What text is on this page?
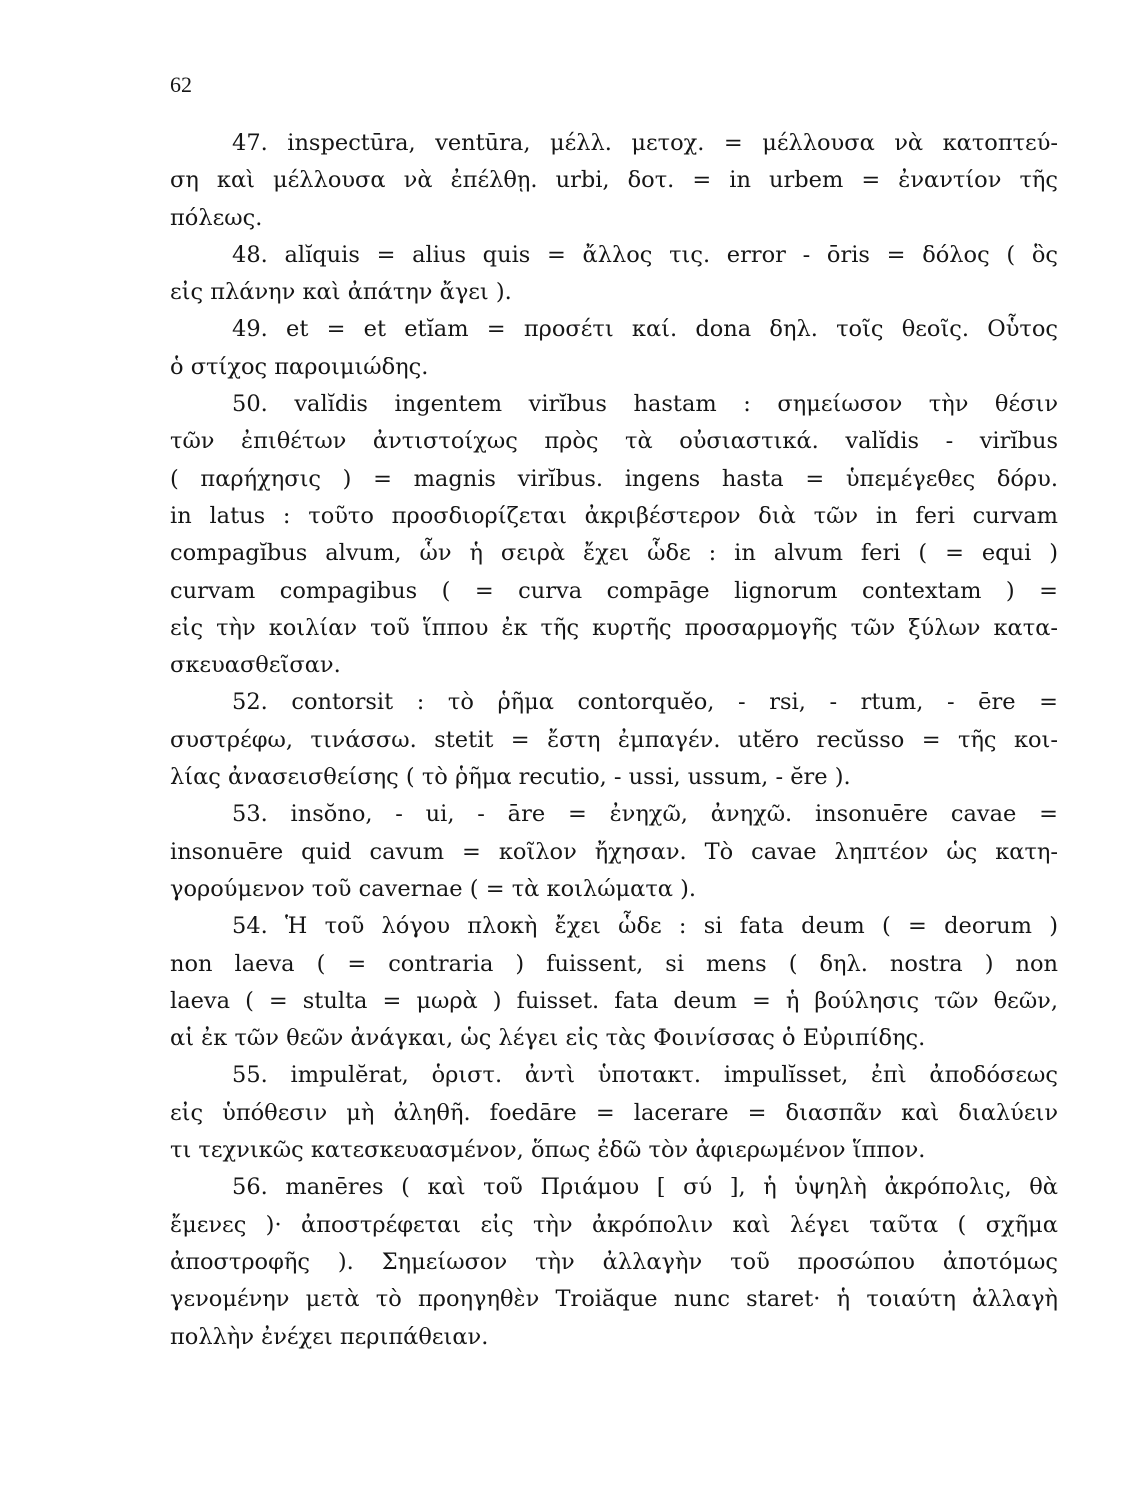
62
47. inspectūra, ventūra, μέλλ. μετοχ. = μέλλουσα νὰ κατοπτεύ-
ση καὶ μέλλουσα νὰ ἐπέλθῃ. urbi, δοτ. = in urbem = ἐναντίον τῆς
πόλεως.
48. alĭquis = alius quis = ἄλλος τις. error - ōris = δόλος ( ὃς
εἰς πλάνην καὶ ἀπάτην ἄγει ).
49. et = et etĭam = προσέτι καί. dona δηλ. τοῖς θεοῖς. Οὗτος
ὁ στίχος παροιμιώδης.
50. valĭdis ingentem virĭbus hastam : σημείωσον τὴν θέσιν
τῶν ἐπιθέτων ἀντιστοίχως πρὸς τὰ οὐσιαστικά. valĭdis - virĭbus
( παρήχησις ) = magnis virĭbus. ingens hasta = ὑπεμέγεθες δόρυ.
in latus : τοῦτο προσδιορίζεται ἀκριβέστερον διὰ τῶν in feri curvam
compagĭbus alvum, ὧν ἡ σειρὰ ἔχει ὧδε : in alvum feri ( = equi )
curvam compagibus ( = curva compāge lignorum contextam ) =
εἰς τὴν κοιλίαν τοῦ ἵππου ἐκ τῆς κυρτῆς προσαρμογῆς τῶν ξύλων κατα-
σκευασθεῖσαν.
52. contorsit : τὸ ῥῆμα contorquĕo, - rsi, - rtum, - ēre =
συστρέφω, τινάσσω. stetit = ἔστη ἐμπαγέν. utĕro recŭsso = τῆς κοι-
λίας ἀνασεισθείσης ( τὸ ῥῆμα recutio, - ussi, ussum, - ĕre ).
53. insŏno, - ui, - āre = ἐνηχῶ, ἀνηχῶ. insonuēre cavae =
insonuēre quid cavum = κοῖλον ἤχησαν. Τὸ cavae ληπτέον ὡς κατη-
γορούμενον τοῦ cavernae ( = τὰ κοιλώματα ).
54. Ἡ τοῦ λόγου πλοκὴ ἔχει ὧδε : si fata deum ( = deorum )
non laeva ( = contraria ) fuissent, si mens ( δηλ. nostra ) non
laeva ( = stulta = μωρὰ ) fuisset. fata deum = ἡ βούλησις τῶν θεῶν,
αἱ ἐκ τῶν θεῶν ἀνάγκαι, ὡς λέγει εἰς τὰς Φοινίσσας ὁ Εὐριπίδης.
55. impulĕrat, ὁριστ. ἀντὶ ὑποτακτ. impulĭsset, ἐπὶ ἀποδόσεως
εἰς ὑπόθεσιν μὴ ἀληθῆ. foedāre = lacerare = διασπᾶν καὶ διαλύειν
τι τεχνικῶς κατεσκευασμένον, ὅπως ἐδῶ τὸν ἀφιερωμένον ἵππον.
56. manēres ( καὶ τοῦ Πριάμου [ σύ ], ἡ ὑψηλὴ ἀκρόπολις, θὰ
ἔμενες )· ἀποστρέφεται εἰς τὴν ἀκρόπολιν καὶ λέγει ταῦτα ( σχῆμα
ἀποστροφῆς ). Σημείωσον τὴν ἀλλαγὴν τοῦ προσώπου ἀποτόμως
γενομένην μετὰ τὸ προηγηθὲν Troiăque nunc staret· ἡ τοιαύτη ἀλλαγὴ
πολλὴν ἐνέχει περιπάθειαν.
